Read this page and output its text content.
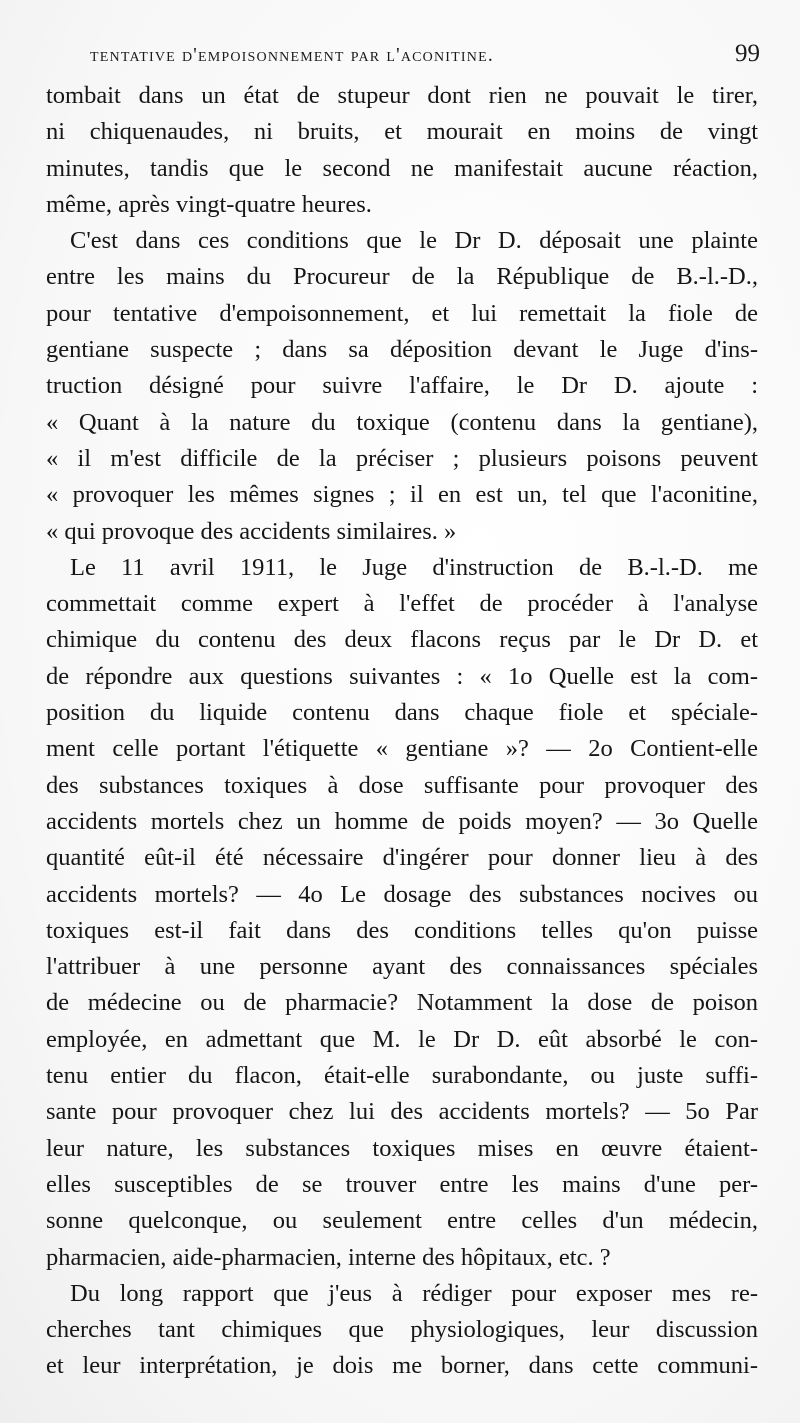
tentative d'empoisonnement par l'aconitine.	99
tombait dans un état de stupeur dont rien ne pouvait le tirer,
ni chiquenaudes, ni bruits, et mourait en moins de vingt
minutes, tandis que le second ne manifestait aucune réaction,
même, après vingt-quatre heures.
C'est dans ces conditions que le Dr D. déposait une plainte
entre les mains du Procureur de la République de B.-l.-D.,
pour tentative d'empoisonnement, et lui remettait la fiole de
gentiane suspecte ; dans sa déposition devant le Juge d'ins-
truction désigné pour suivre l'affaire, le Dr D. ajoute :
« Quant à la nature du toxique (contenu dans la gentiane),
« il m'est difficile de la préciser ; plusieurs poisons peuvent
« provoquer les mêmes signes ; il en est un, tel que l'aconitine,
« qui provoque des accidents similaires. »
Le 11 avril 1911, le Juge d'instruction de B.-l.-D. me
commettait comme expert à l'effet de procéder à l'analyse
chimique du contenu des deux flacons reçus par le Dr D. et
de répondre aux questions suivantes : « 1o Quelle est la com-
position du liquide contenu dans chaque fiole et spéciale-
ment celle portant l'étiquette « gentiane »? — 2o Contient-elle
des substances toxiques à dose suffisante pour provoquer des
accidents mortels chez un homme de poids moyen? — 3o Quelle
quantité eût-il été nécessaire d'ingérer pour donner lieu à des
accidents mortels? — 4o Le dosage des substances nocives ou
toxiques est-il fait dans des conditions telles qu'on puisse
l'attribuer à une personne ayant des connaissances spéciales
de médecine ou de pharmacie? Notamment la dose de poison
employée, en admettant que M. le Dr D. eût absorbé le con-
tenu entier du flacon, était-elle surabondante, ou juste suffi-
sante pour provoquer chez lui des accidents mortels? — 5o Par
leur nature, les substances toxiques mises en œuvre étaient-
elles susceptibles de se trouver entre les mains d'une per-
sonne quelconque, ou seulement entre celles d'un médecin,
pharmacien, aide-pharmacien, interne des hôpitaux, etc. ?
Du long rapport que j'eus à rédiger pour exposer mes re-
cherches tant chimiques que physiologiques, leur discussion
et leur interprétation, je dois me borner, dans cette communi-
